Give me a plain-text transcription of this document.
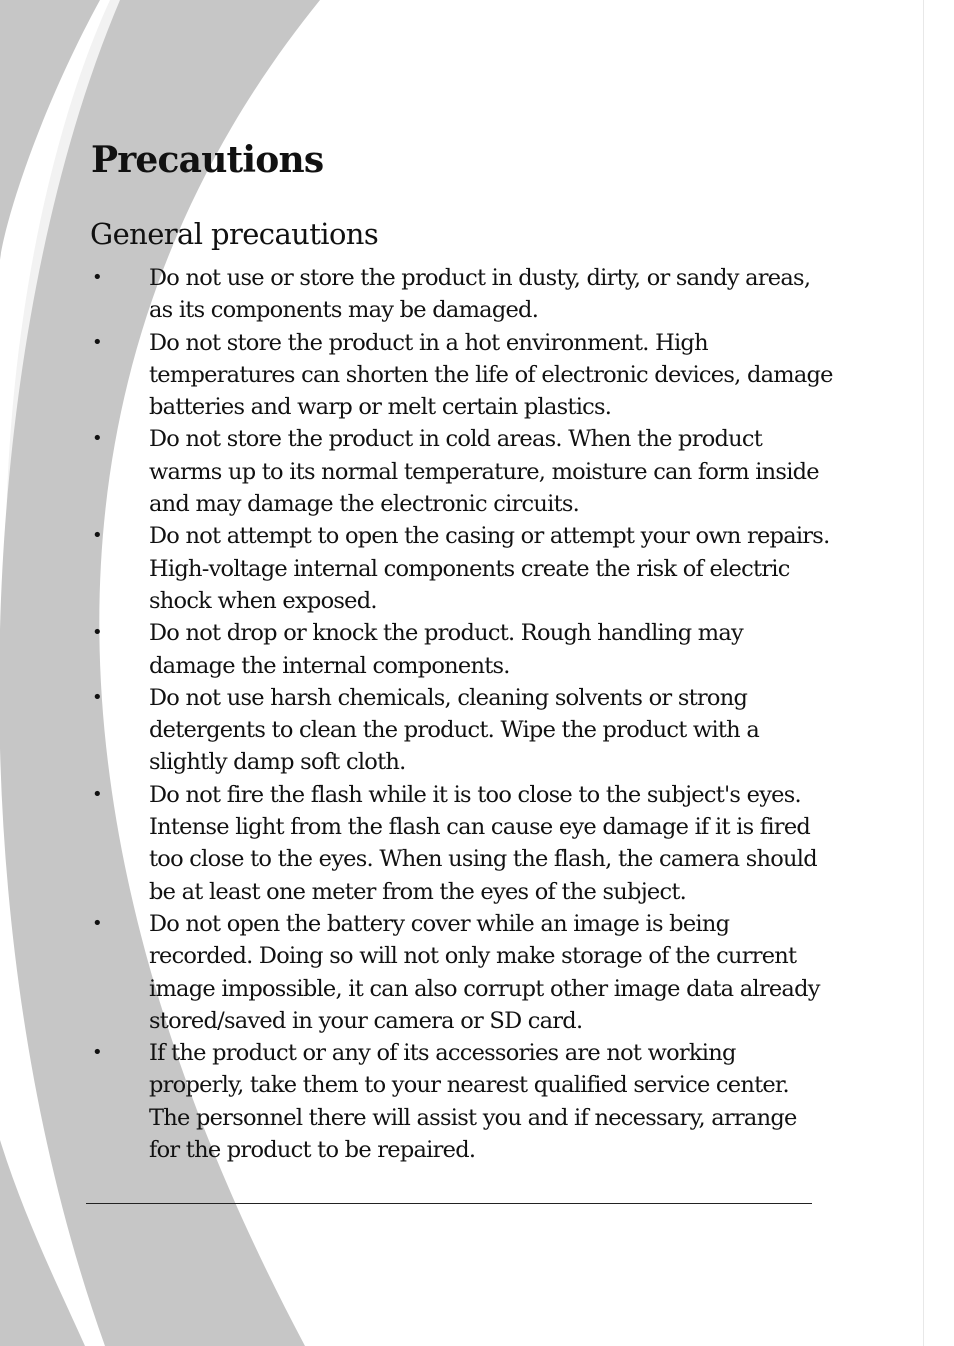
Precautions
General precautions
• Do not use or store the product in dusty, dirty, or sandy areas,
as its components may be damaged.
• Do not store the product in a hot environment. High
temperatures can shorten the life of electronic devices, damage
batteries and warp or melt certain plastics.
• Do not store the product in cold areas. When the product
warms up to its normal temperature, moisture can form inside
and may damage the electronic circuits.
• Do not attempt to open the casing or attempt your own repairs.
High-voltage internal components create the risk of electric
shock when exposed.
• Do not drop or knock the product. Rough handling may
damage the internal components.
• Do not use harsh chemicals, cleaning solvents or strong
detergents to clean the product. Wipe the product with a
slightly damp soft cloth.
• Do not fire the flash while it is too close to the subject's eyes.
Intense light from the flash can cause eye damage if it is fired
too close to the eyes. When using the flash, the camera should
be at least one meter from the eyes of the subject.
• Do not open the battery cover while an image is being
recorded. Doing so will not only make storage of the current
image impossible, it can also corrupt other image data already
stored/saved in your camera or SD card.
• If the product or any of its accessories are not working
properly, take them to your nearest qualified service center.
The personnel there will assist you and if necessary, arrange
for the product to be repaired.
